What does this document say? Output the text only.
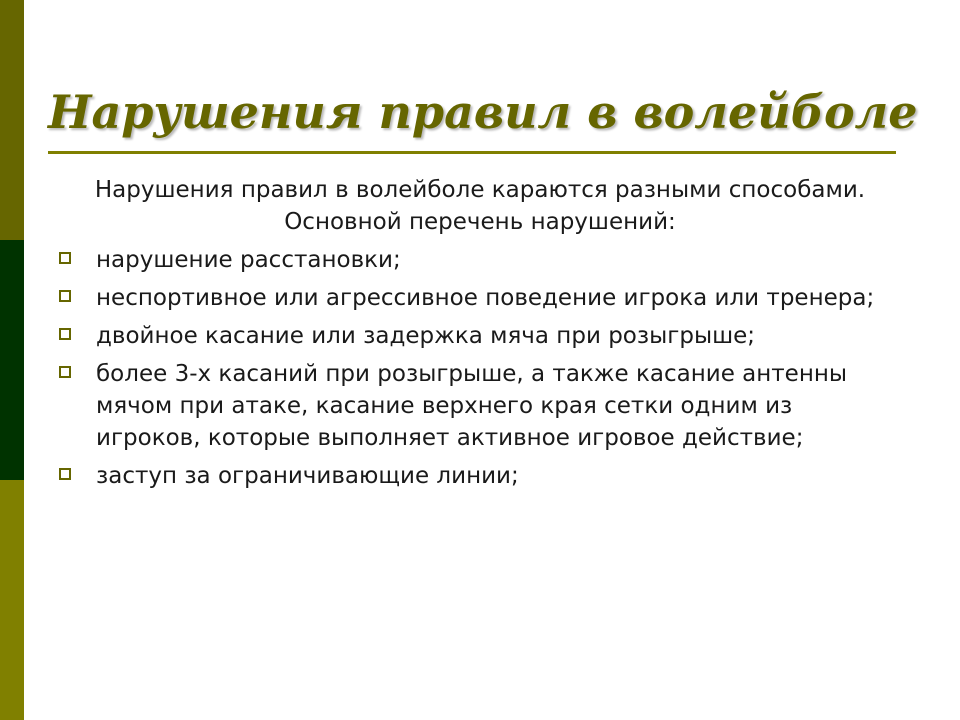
Нарушения правил в волейболе
Нарушения правил в волейболе караются разными способами. Основной перечень нарушений:
нарушение расстановки;
неспортивное или агрессивное поведение игрока или тренера;
двойное касание или задержка мяча при розыгрыше;
более 3-х касаний при розыгрыше, а также касание антенны мячом при атаке, касание верхнего края сетки одним из игроков, которые выполняет активное игровое действие;
заступ за ограничивающие линии;
